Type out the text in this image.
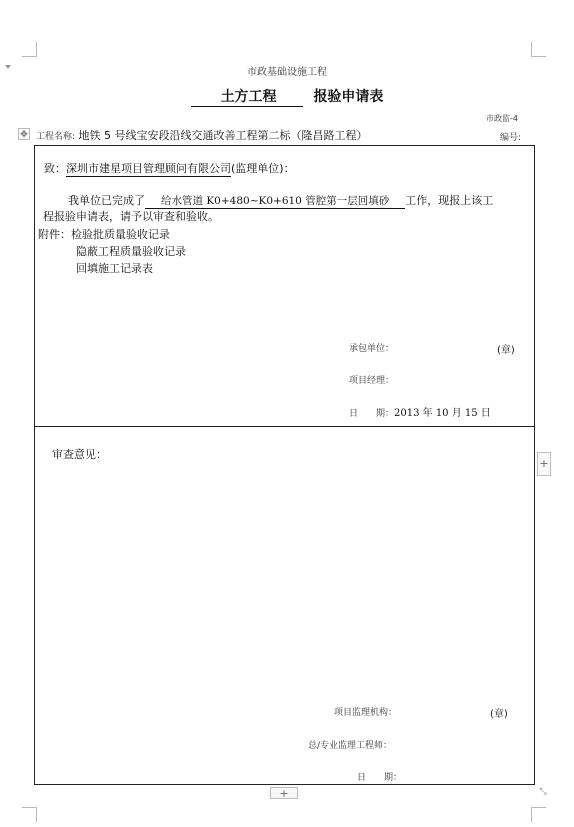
市政基础设施工程
土方工程	报验申请表
市政监-4
✥ 工程名称: 地铁 5 号线宝安段沿线交通改善工程第二标（隆昌路工程）	编号:
致：深圳市建星项目管理顾问有限公司(监理单位)：
我单位已完成了 给水管道 K0+480~K0+610 管腔第一层回填砂 工作，现报上该工
程报验申请表，请予以审查和验收。
附件：检验批质量验收记录
隐蔽工程质量验收记录
回填施工记录表
承包单位：	(章)
项目经理：
日　　期：2013 年 10 月 15 日
审查意见：
项目监理机构：	(章)
总/专业监理工程师：
日　　期：
+
+	⤡
